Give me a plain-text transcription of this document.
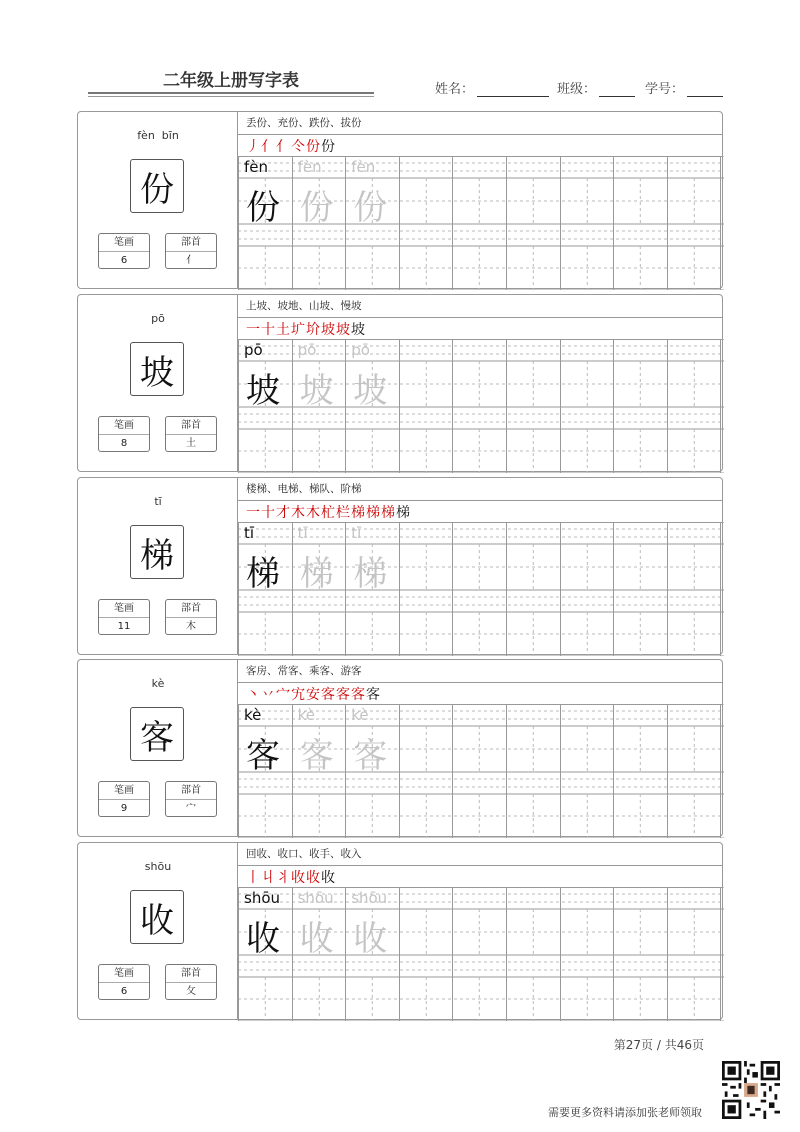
二年级上册写字表	姓名：	班级：	学号：
fèn  bīn
份
笔画
6
部首
亻
丢份、充份、跌份、拔份
丿亻亻仒份份
fèn
份
fèn
份
fèn
份
pō
坡
笔画
8
部首
土
上坡、坡地、山坡、慢坡
一十土圹圿坡坡坡
pō
坡
pō
坡
pō
坡
tī
梯
笔画
11
部首
木
楼梯、电梯、梯队、阶梯
一十才木木杧栏梯梯梯梯
tī
梯
tī
梯
tī
梯
kè
客
笔画
9
部首
宀
客房、常客、乘客、游客
丶丷宀宄安客客客客
kè
客
kè
客
kè
客
shōu
收
笔画
6
部首
攵
回收、收口、收手、收入
丨丩丬收收收
shōu
收
shōu
收
shōu
收
第27页 / 共46页
需要更多资料请添加张老师领取
